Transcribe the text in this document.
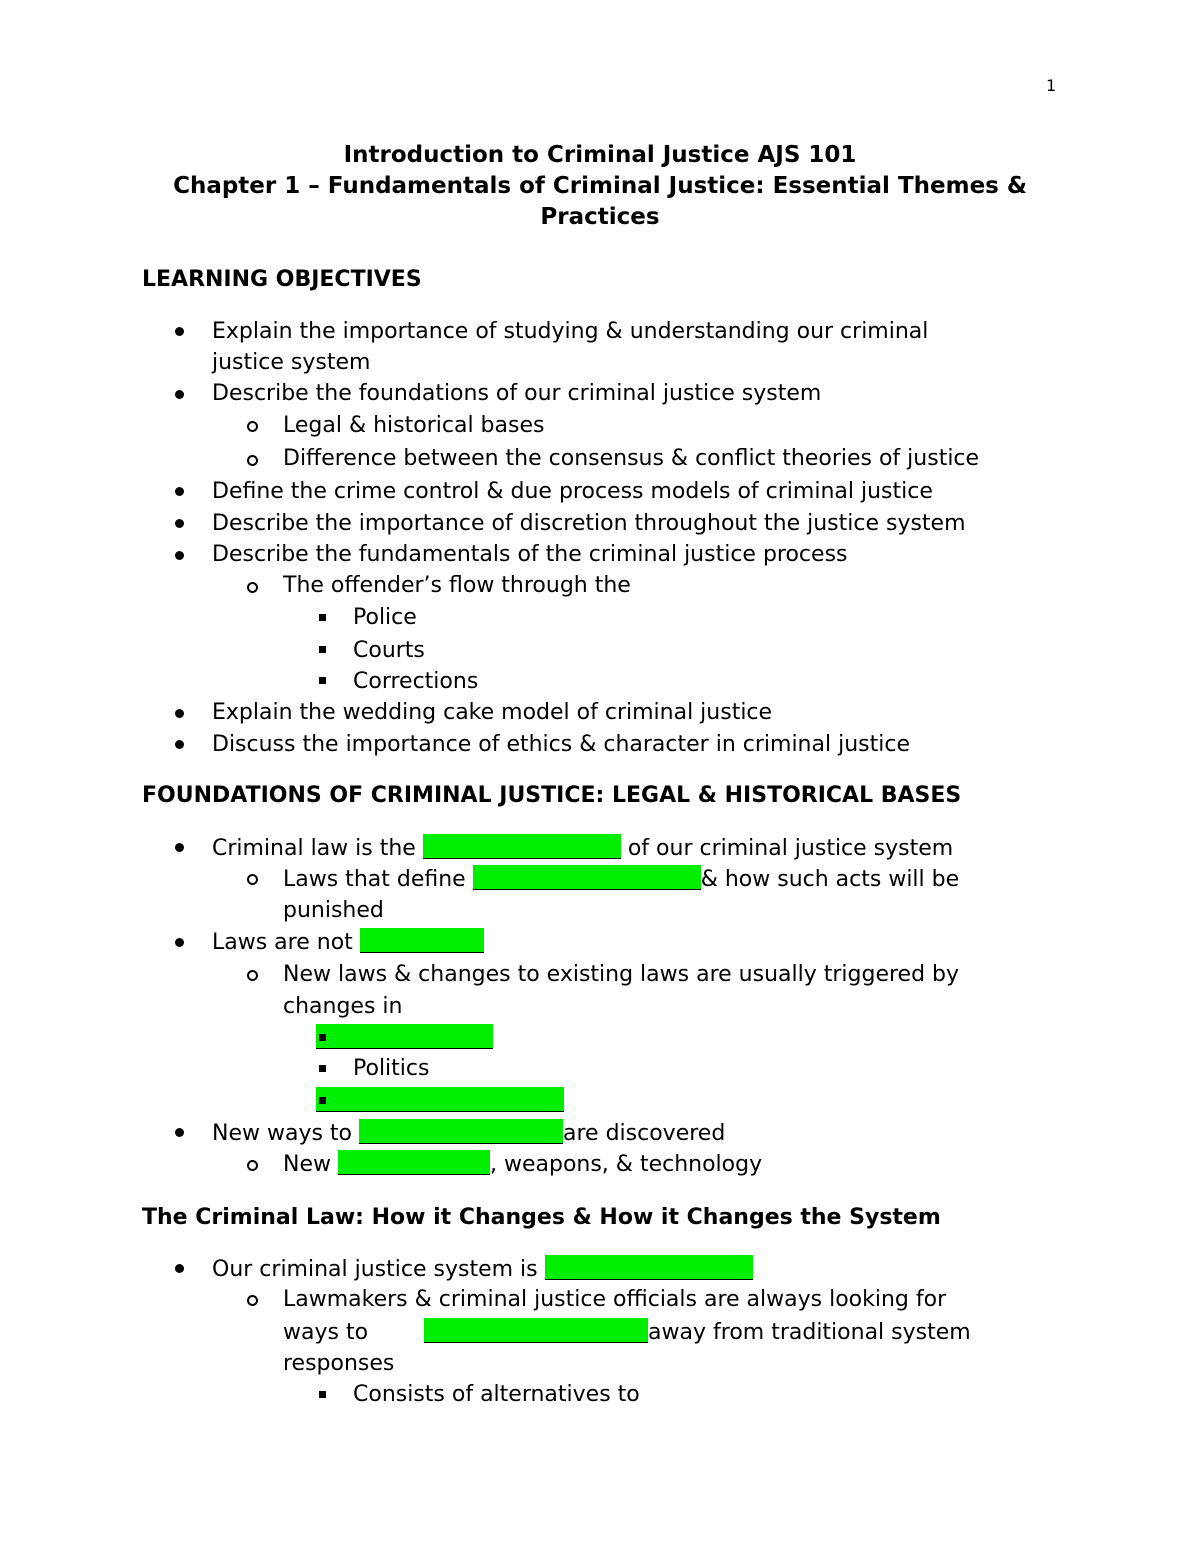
1
Introduction to Criminal Justice AJS 101
Chapter 1 – Fundamentals of Criminal Justice: Essential Themes &
Practices
LEARNING OBJECTIVES
Explain the importance of studying & understanding our criminal
justice system
Describe the foundations of our criminal justice system
Legal & historical bases
Difference between the consensus & conflict theories of justice
Define the crime control & due process models of criminal justice
Describe the importance of discretion throughout the justice system
Describe the fundamentals of the criminal justice process
The offender’s flow through the
Police
Courts
Corrections
Explain the wedding cake model of criminal justice
Discuss the importance of ethics & character in criminal justice
FOUNDATIONS OF CRIMINAL JUSTICE: LEGAL & HISTORICAL BASES
Criminal law is the	of our criminal justice system
Laws that define	& how such acts will be
punished
Laws are not
New laws & changes to existing laws are usually triggered by
changes in
Politics
New ways to	are discovered
New	, weapons, & technology
The Criminal Law: How it Changes & How it Changes the System
Our criminal justice system is
Lawmakers & criminal justice officials are always looking for
ways to	away from traditional system
responses
Consists of alternatives to
